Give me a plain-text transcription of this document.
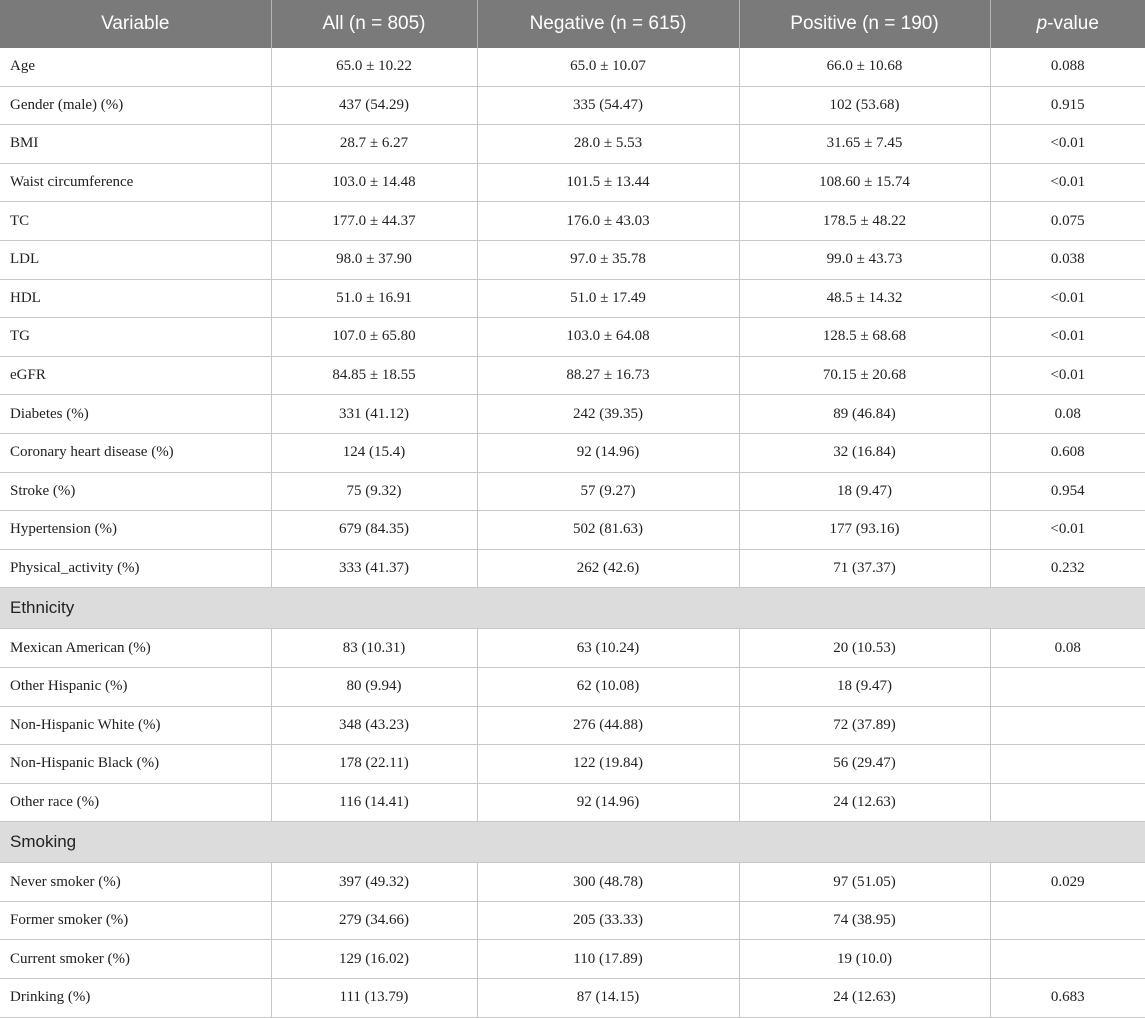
Variable	All (n = 805)	Negative (n = 615)	Positive (n = 190)	p-value
Age	65.0 ± 10.22	65.0 ± 10.07	66.0 ± 10.68	0.088
Gender (male) (%)	437 (54.29)	335 (54.47)	102 (53.68)	0.915
BMI	28.7 ± 6.27	28.0 ± 5.53	31.65 ± 7.45	<0.01
Waist circumference	103.0 ± 14.48	101.5 ± 13.44	108.60 ± 15.74	<0.01
TC	177.0 ± 44.37	176.0 ± 43.03	178.5 ± 48.22	0.075
LDL	98.0 ± 37.90	97.0 ± 35.78	99.0 ± 43.73	0.038
HDL	51.0 ± 16.91	51.0 ± 17.49	48.5 ± 14.32	<0.01
TG	107.0 ± 65.80	103.0 ± 64.08	128.5 ± 68.68	<0.01
eGFR	84.85 ± 18.55	88.27 ± 16.73	70.15 ± 20.68	<0.01
Diabetes (%)	331 (41.12)	242 (39.35)	89 (46.84)	0.08
Coronary heart disease (%)	124 (15.4)	92 (14.96)	32 (16.84)	0.608
Stroke (%)	75 (9.32)	57 (9.27)	18 (9.47)	0.954
Hypertension (%)	679 (84.35)	502 (81.63)	177 (93.16)	<0.01
Physical_activity (%)	333 (41.37)	262 (42.6)	71 (37.37)	0.232
Ethnicity				
Mexican American (%)	83 (10.31)	63 (10.24)	20 (10.53)	0.08
Other Hispanic (%)	80 (9.94)	62 (10.08)	18 (9.47)	
Non-Hispanic White (%)	348 (43.23)	276 (44.88)	72 (37.89)	
Non-Hispanic Black (%)	178 (22.11)	122 (19.84)	56 (29.47)	
Other race (%)	116 (14.41)	92 (14.96)	24 (12.63)	
Smoking				
Never smoker (%)	397 (49.32)	300 (48.78)	97 (51.05)	0.029
Former smoker (%)	279 (34.66)	205 (33.33)	74 (38.95)	
Current smoker (%)	129 (16.02)	110 (17.89)	19 (10.0)	
Drinking (%)	111 (13.79)	87 (14.15)	24 (12.63)	0.683
